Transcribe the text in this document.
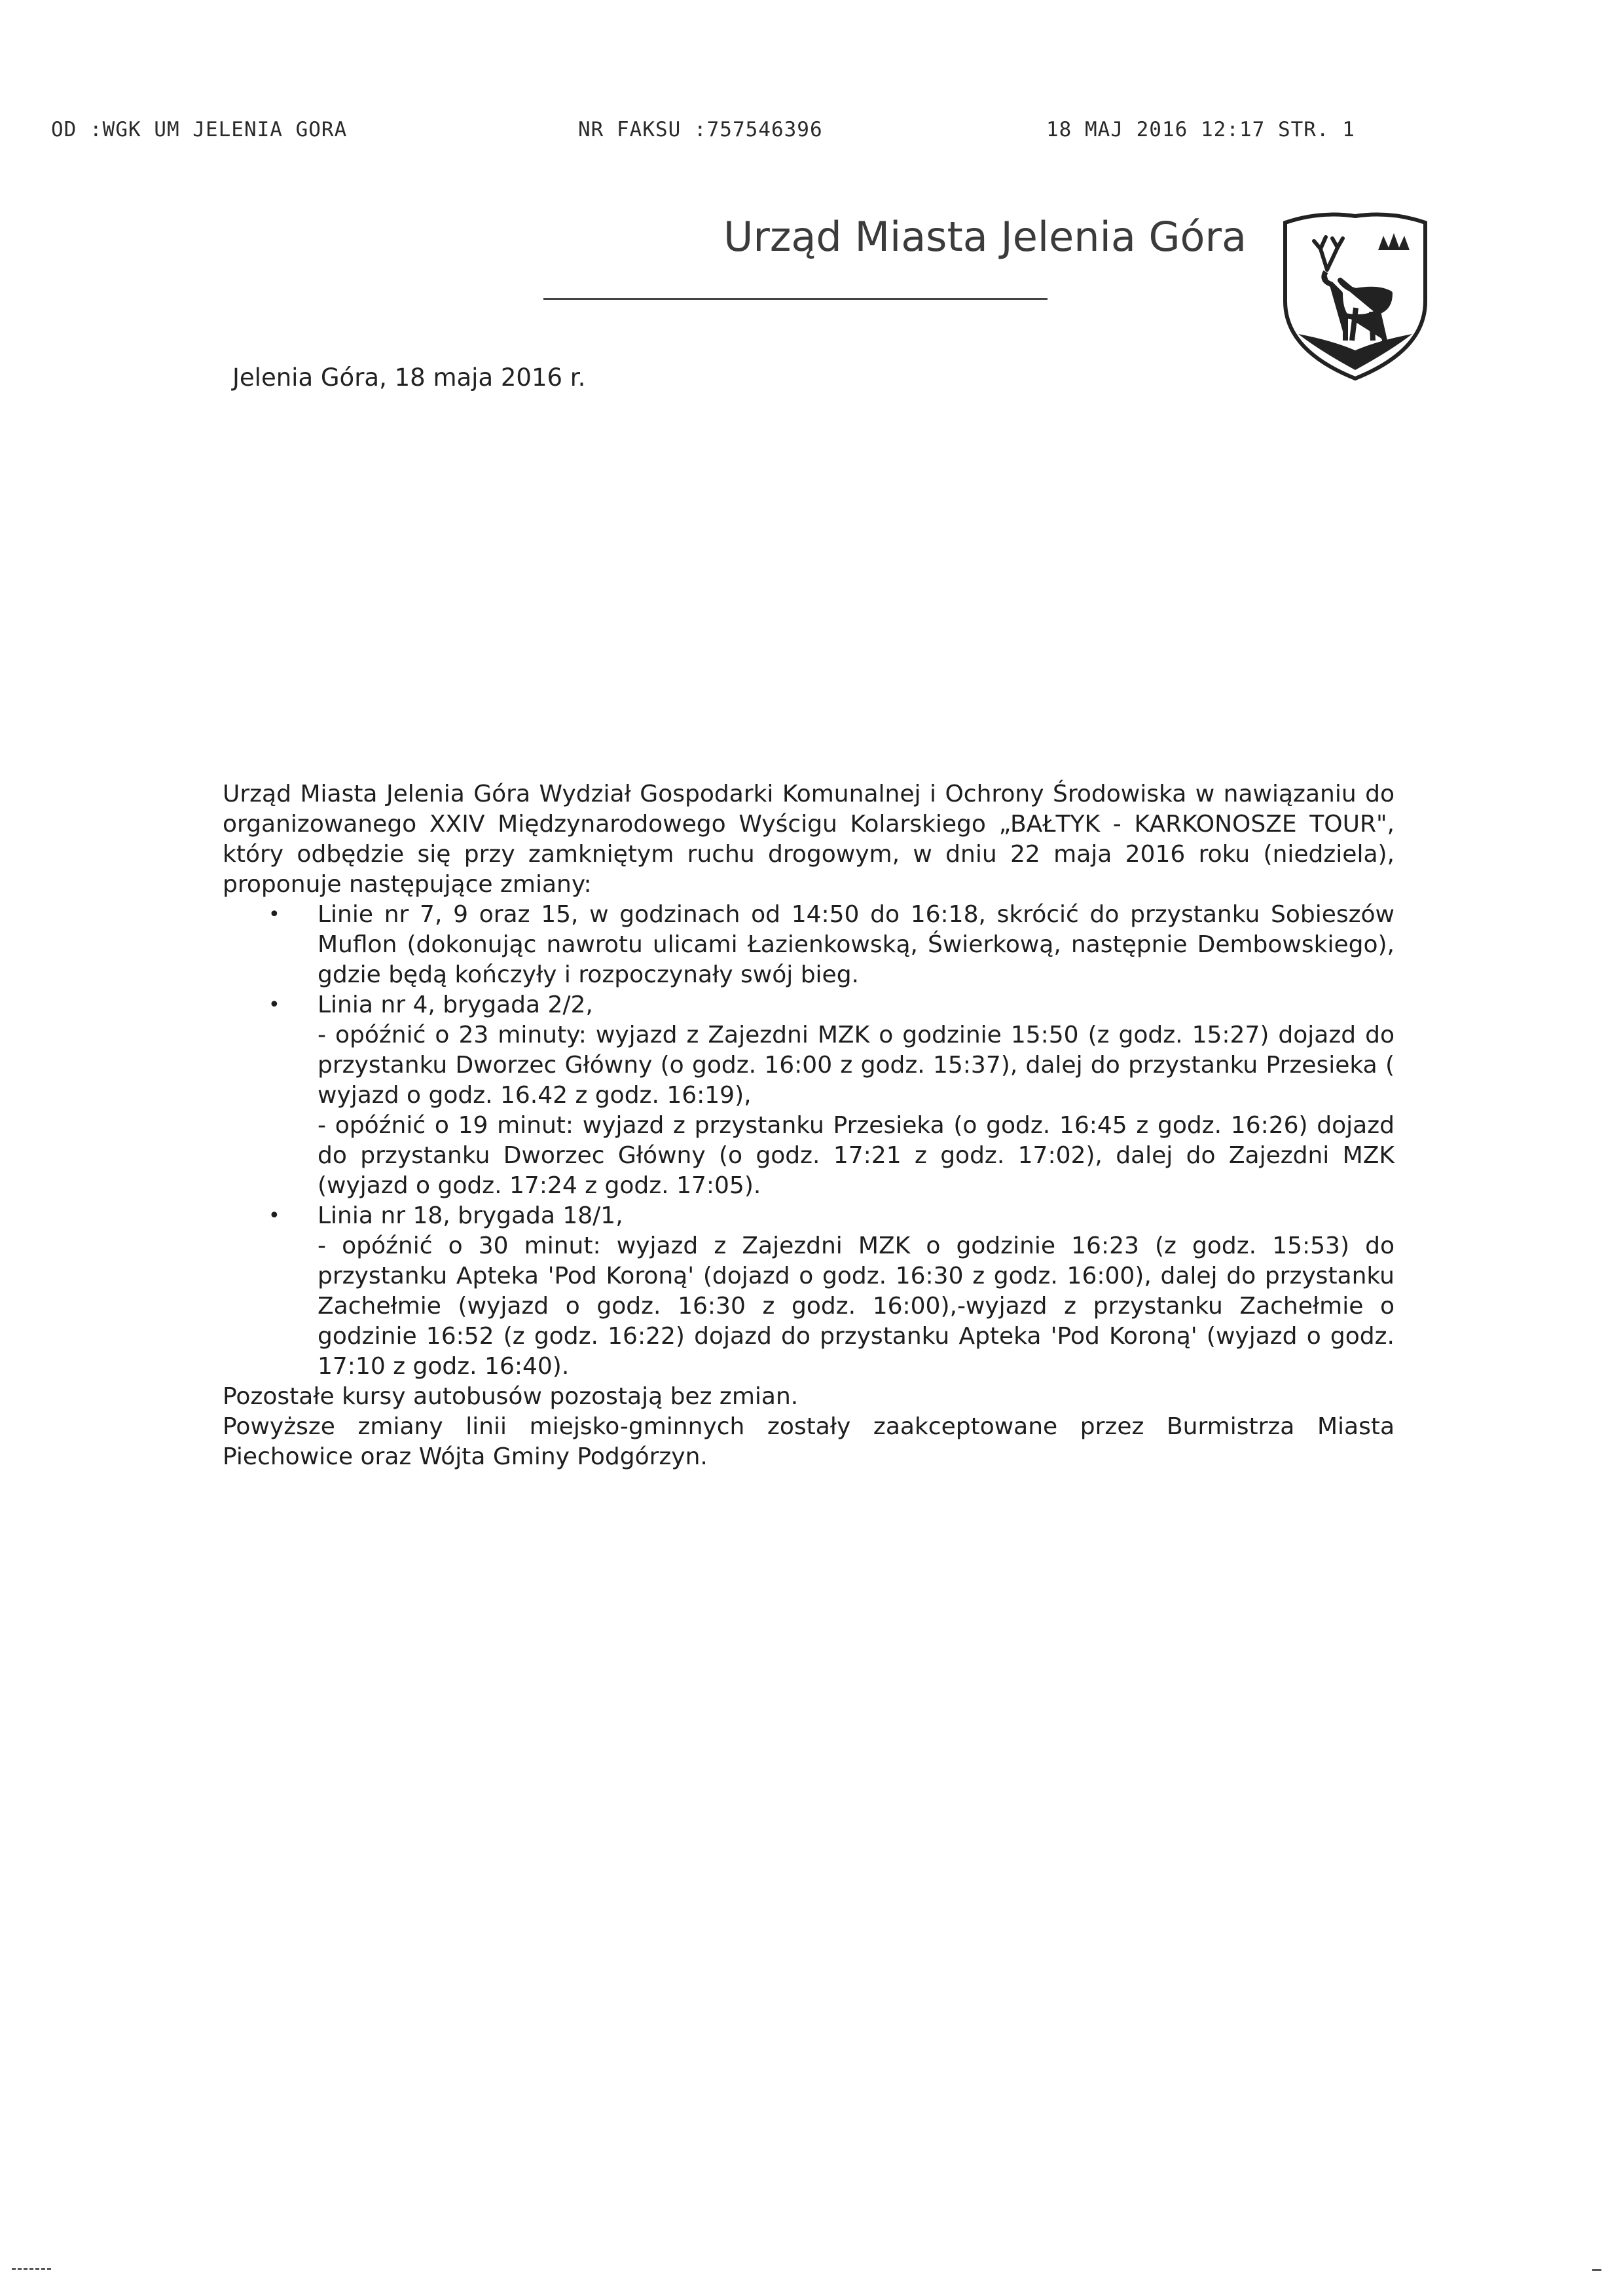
OD :WGK UM JELENIA GORA	NR FAKSU :757546396	18 MAJ 2016 12:17 STR. 1
Urząd Miasta Jelenia Góra
Jelenia Góra, 18 maja 2016 r.

Urząd Miasta Jelenia Góra Wydział Gospodarki Komunalnej i Ochrony Środowiska w nawiązaniu do organizowanego XXIV Międzynarodowego Wyścigu Kolarskiego „BAŁTYK - KARKONOSZE TOUR", który odbędzie się przy zamkniętym ruchu drogowym, w dniu 22 maja 2016 roku (niedziela), proponuje następujące zmiany:

• Linie nr 7, 9 oraz 15, w godzinach od 14:50 do 16:18, skrócić do przystanku Sobieszów Muflon (dokonując nawrotu ulicami Łazienkowską, Świerkową, następnie Dembowskiego), gdzie będą kończyły i rozpoczynały swój bieg.
• Linia nr 4, brygada 2/2,
- opóźnić o 23 minuty: wyjazd z Zajezdni MZK o godzinie 15:50 (z godz. 15:27) dojazd do przystanku Dworzec Główny (o godz. 16:00 z godz. 15:37), dalej do przystanku Przesieka ( wyjazd o godz. 16.42 z godz. 16:19),
- opóźnić o 19 minut: wyjazd z przystanku Przesieka (o godz. 16:45 z godz. 16:26) dojazd do przystanku Dworzec Główny (o godz. 17:21 z godz. 17:02), dalej do Zajezdni MZK (wyjazd o godz. 17:24 z godz. 17:05).
• Linia nr 18, brygada 18/1,
- opóźnić o 30 minut: wyjazd z Zajezdni MZK o godzinie 16:23 (z godz. 15:53) do przystanku Apteka 'Pod Koroną' (dojazd o godz. 16:30 z godz. 16:00), dalej do przystanku Zachełmie (wyjazd o godz. 16:30 z godz. 16:00),-wyjazd z przystanku Zachełmie o godzinie 16:52 (z godz. 16:22) dojazd do przystanku Apteka 'Pod Koroną' (wyjazd o godz. 17:10 z godz. 16:40).

Pozostałe kursy autobusów pozostają bez zmian.

Powyższe zmiany linii miejsko-gminnych zostały zaakceptowane przez Burmistrza Miasta Piechowice oraz Wójta Gminy Podgórzyn.
